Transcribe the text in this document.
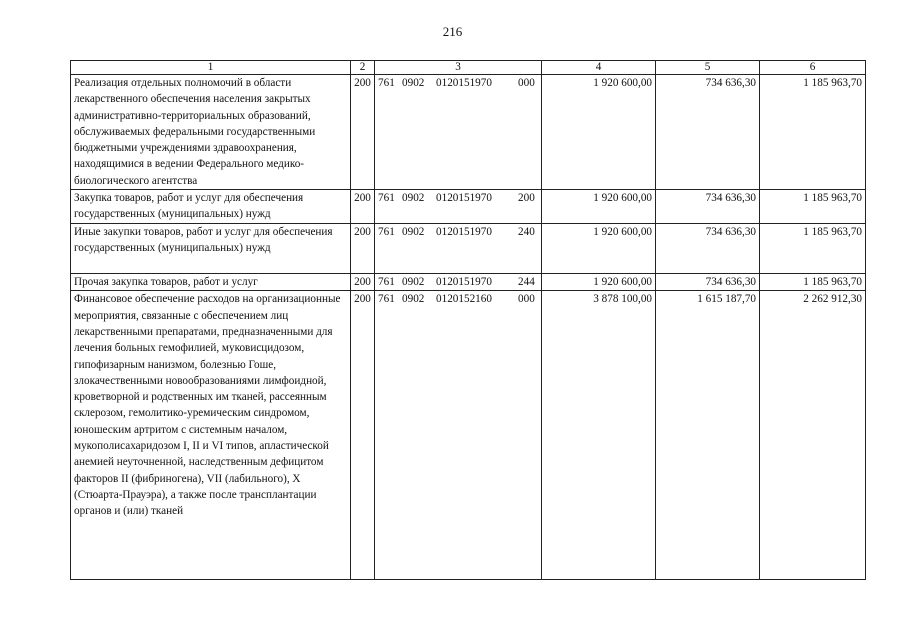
216
1	2	3	4	5	6
Реализация отдельных полномочий в области лекарственного обеспечения населения закрытых административно-территориальных образований, обслуживаемых федеральными государственными бюджетными учреждениями здравоохранения, находящимися в ведении Федерального медико-биологического агентства	200	761 0902 0120151970 000	1 920 600,00	734 636,30	1 185 963,70
Закупка товаров, работ и услуг для обеспечения государственных (муниципальных) нужд	200	761 0902 0120151970 200	1 920 600,00	734 636,30	1 185 963,70
Иные закупки товаров, работ и услуг для обеспечения государственных (муниципальных) нужд	200	761 0902 0120151970 240	1 920 600,00	734 636,30	1 185 963,70
Прочая закупка товаров, работ и услуг	200	761 0902 0120151970 244	1 920 600,00	734 636,30	1 185 963,70
Финансовое обеспечение расходов на организационные мероприятия, связанные с обеспечением лиц лекарственными препаратами, предназначенными для лечения больных гемофилией, муковисцидозом, гипофизарным нанизмом, болезнью Гоше, злокачественными новообразованиями лимфоидной, кроветворной и родственных им тканей, рассеянным склерозом, гемолитико-уремическим синдромом, юношеским артритом с системным началом, мукополисахаридозом I, II и VI типов, апластической анемией неуточненной, наследственным дефицитом факторов II (фибриногена), VII (лабильного), X (Стюарта-Прауэра), а также после трансплантации органов и (или) тканей	200	761 0902 0120152160 000	3 878 100,00	1 615 187,70	2 262 912,30
